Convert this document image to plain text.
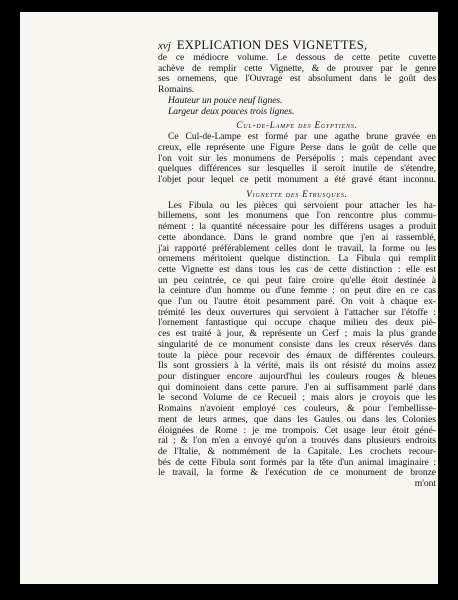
xvj EXPLICATION DES VIGNETTES,
de ce médiocre volume. Le dessous de cette petite cuvette
achève de remplir cette Vignette, & de prouver par le genre
ses ornemens, que l'Ouvrage est absolument dans le goût des
Romains.
Hauteur un pouce neuf lignes.
Largeur deux pouces trois lignes.
Cul-de-Lampe des Egyptiens.
Ce Cul-de-Lampe est formé par une agathe brune gravée en
creux, elle représente une Figure Perse dans le goût de celle que
l'on voit sur les monumens de Persépolis ; mais cependant avec
quelques différences sur lesquelles il seroit inutile de s'étendre,
l'objet pour lequel ce petit monument a été gravé étant inconnu.
Vignette des Etrusques.
Les Fibula ou les pièces qui servoient pour attacher les ha-
billemens, sont les monumens que l'on rencontre plus commu-
nément : la quantité nécessaire pour les différens usages a produit
cette abondance. Dans le grand nombre que j'en ai rassemblé,
j'ai rapporté préférablement celles dont le travail, la forme ou les
ornemens méritoient quelque distinction. La Fibula qui remplit
cette Vignette est dans tous les cas de cette distinction : elle est
un peu ceintrée, ce qui peut faire croire qu'elle étoit destinée à
la ceinture d'un homme ou d'une femme : on peut dire en ce cas
que l'un ou l'autre étoit pesamment paré. On voit à chaque ex-
trémité les deux ouvertures qui servoient à l'attacher sur l'étoffe :
l'ornement fantastique qui occupe chaque milieu des deux piè-
ces est traité à jour, & représente un Cerf ; mais la plus grande
singularité de ce monument consiste dans les creux réservés dans
toute la pièce pour recevoir des émaux de différentes couleurs.
Ils sont grossiers à la vérité, mais ils ont résisté du moins assez
pour distinguer encore aujourd'hui les couleurs rouges & bleues
qui dominoient dans cette parure. J'en ai suffisamment parlé dans
le second Volume de ce Recueil ; mais alors je croyois que les
Romains n'avoient employé ces couleurs, & pour l'embellisse-
ment de leurs armes, que dans les Gaules ou dans les Colonies
éloignées de Rome : je me trompois. Cet usage leur étoit géné-
ral ; & l'on m'en a envoyé qu'on a trouvés dans plusieurs endroits
de l'Italie, & nommément de la Capitale. Les crochets recour-
bés de cette Fibula sont formés par la tête d'un animal imaginaire :
le travail, la forme & l'exécution de ce monument de bronze
m'ont
